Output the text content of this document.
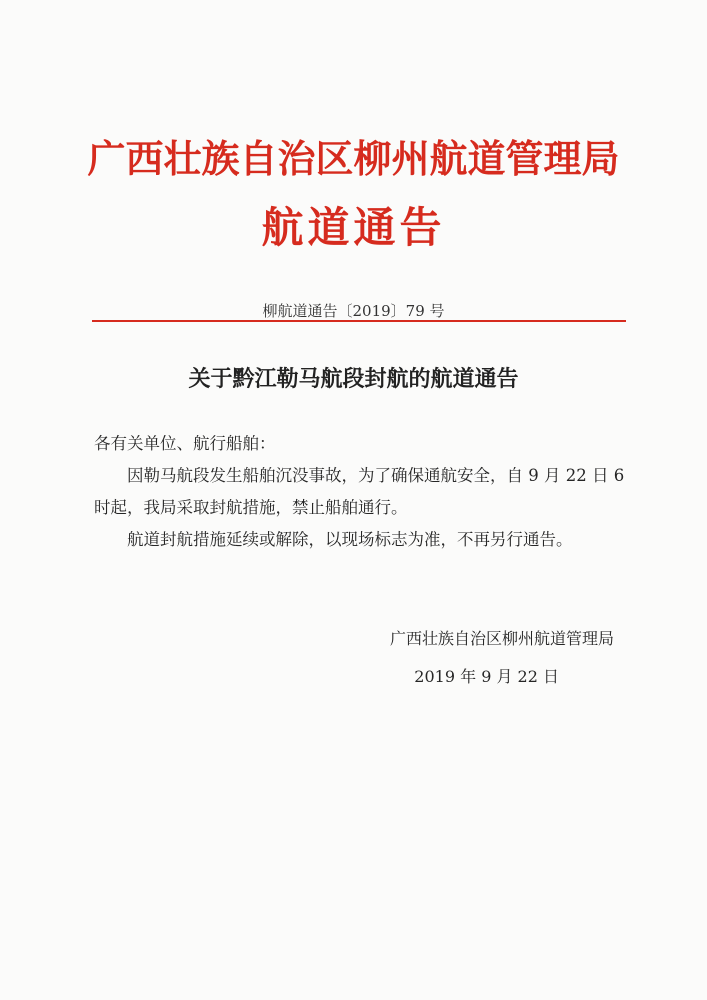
广西壮族自治区柳州航道管理局
航道通告
柳航道通告〔2019〕79 号
关于黔江勒马航段封航的航道通告
各有关单位、航行船舶：
因勒马航段发生船舶沉没事故，为了确保通航安全，自 9 月 22 日 6 时起，我局采取封航措施，禁止船舶通行。
航道封航措施延续或解除，以现场标志为准，不再另行通告。
广西壮族自治区柳州航道管理局
2019 年 9 月 22 日
